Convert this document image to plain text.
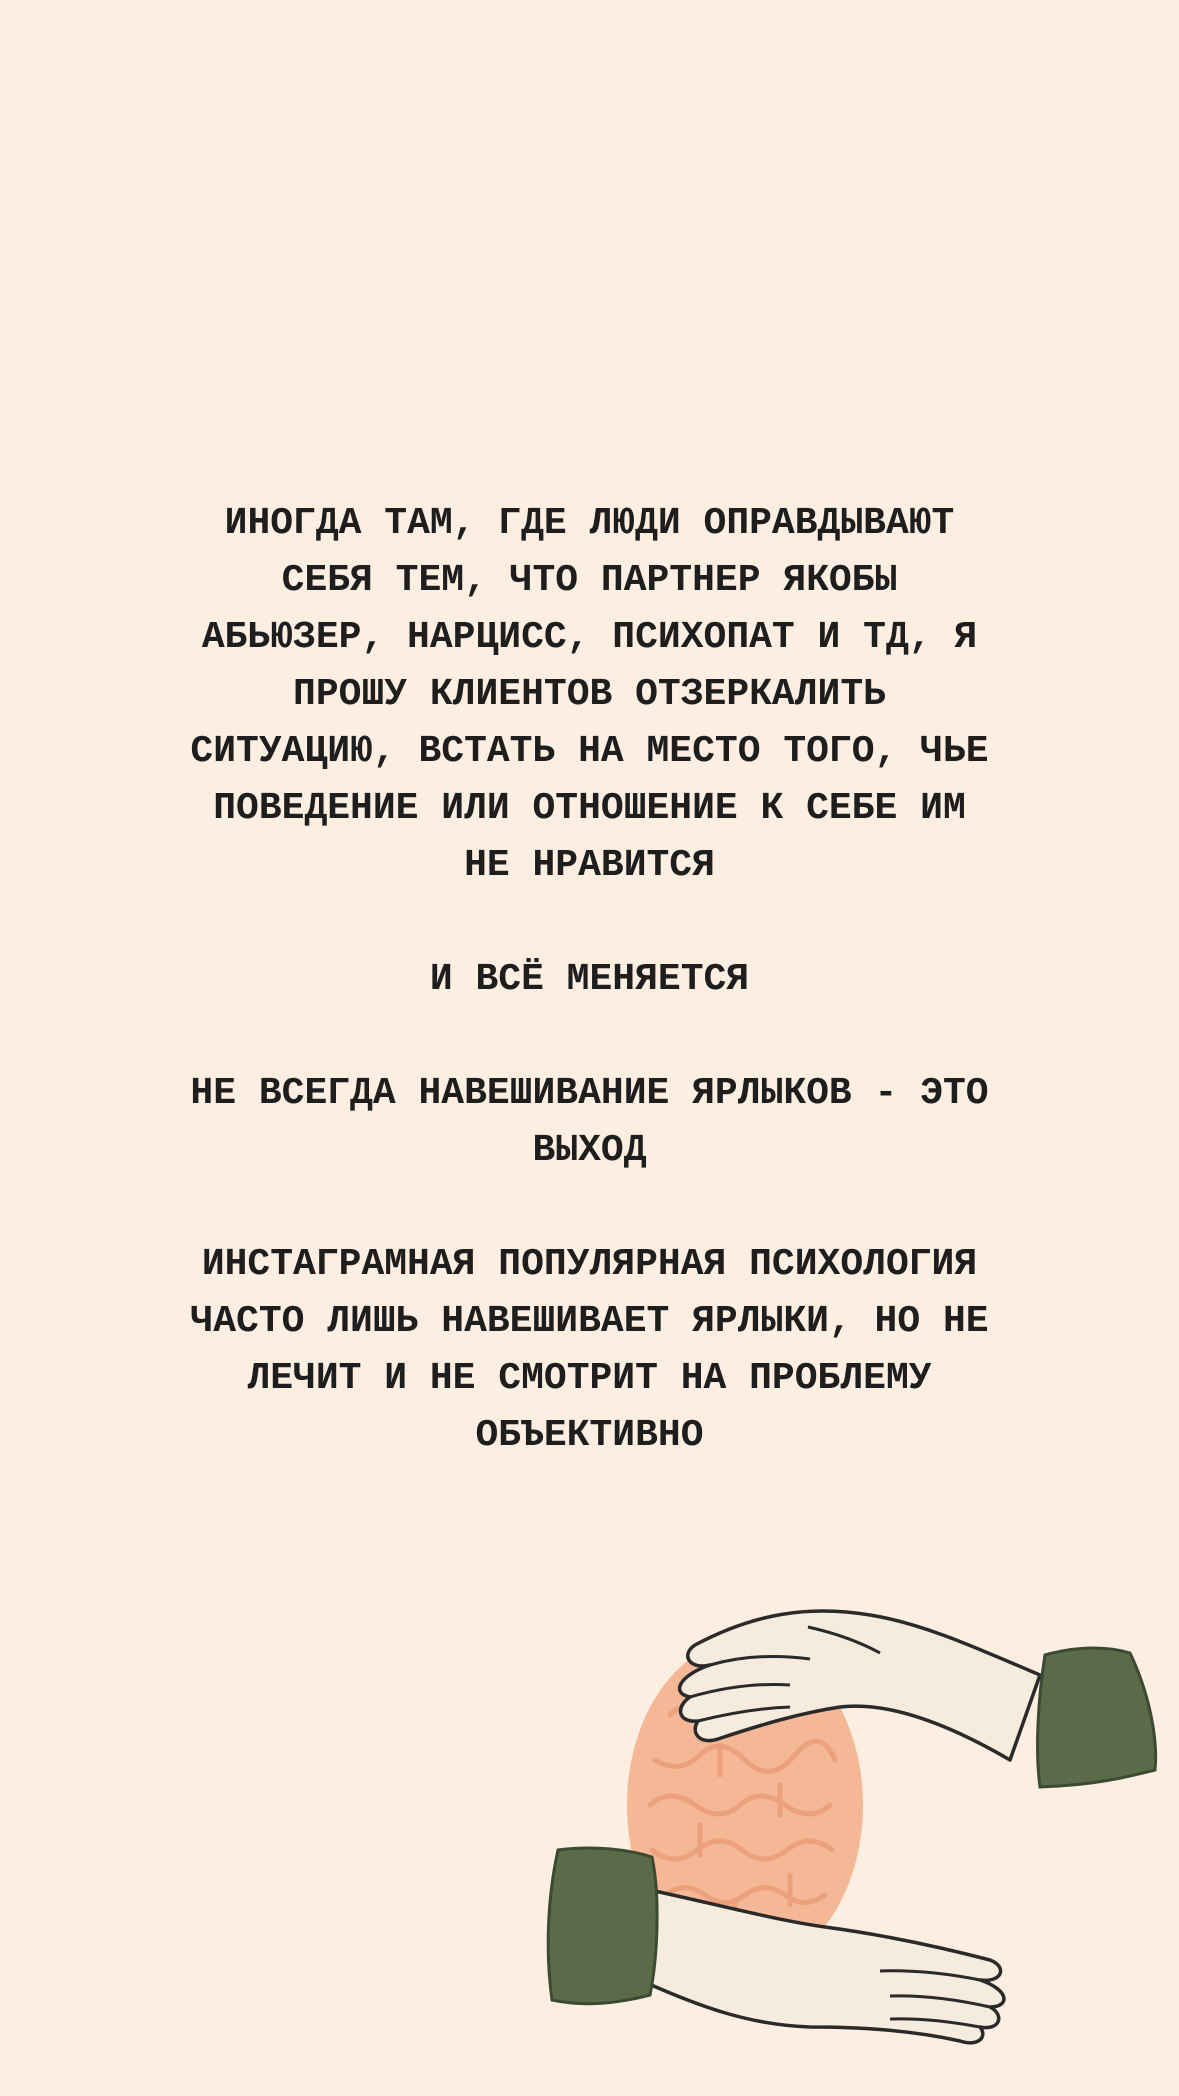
ИНОГДА ТАМ, ГДЕ ЛЮДИ ОПРАВДЫВАЮТ
СЕБЯ ТЕМ, ЧТО ПАРТНЕР ЯКОБЫ
АБЬЮЗЕР, НАРЦИСС, ПСИХОПАТ И ТД, Я
ПРОШУ КЛИЕНТОВ ОТЗЕРКАЛИТЬ
СИТУАЦИЮ, ВСТАТЬ НА МЕСТО ТОГО, ЧЬЕ
ПОВЕДЕНИЕ ИЛИ ОТНОШЕНИЕ К СЕБЕ ИМ
НЕ НРАВИТСЯ

И ВСЁ МЕНЯЕТСЯ

НЕ ВСЕГДА НАВЕШИВАНИЕ ЯРЛЫКОВ - ЭТО
ВЫХОД

ИНСТАГРАМНАЯ ПОПУЛЯРНАЯ ПСИХОЛОГИЯ
ЧАСТО ЛИШЬ НАВЕШИВАЕТ ЯРЛЫКИ, НО НЕ
ЛЕЧИТ И НЕ СМОТРИТ НА ПРОБЛЕМУ
ОБЪЕКТИВНО
